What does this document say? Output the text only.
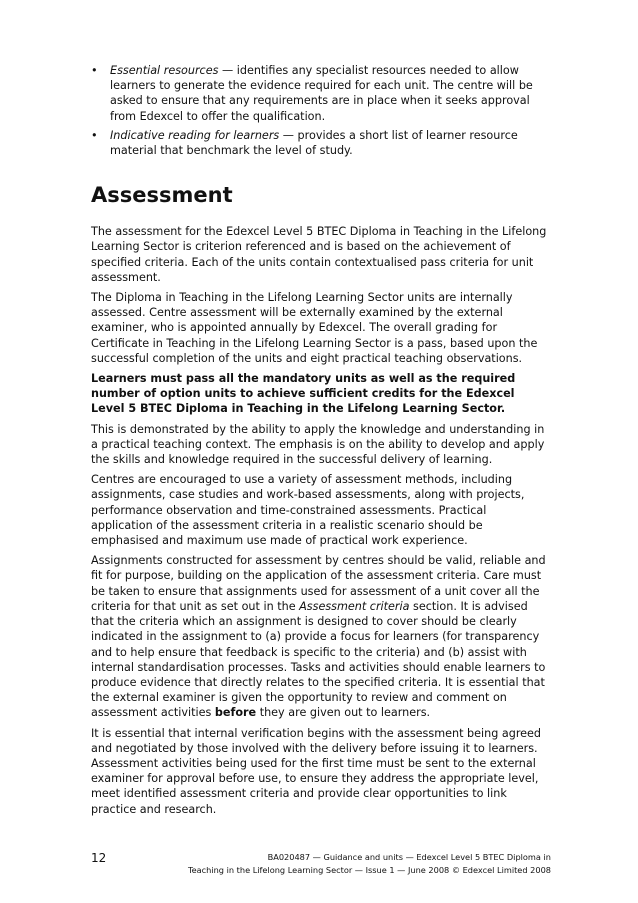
• Essential resources — identifies any specialist resources needed to allow learners to generate the evidence required for each unit. The centre will be asked to ensure that any requirements are in place when it seeks approval from Edexcel to offer the qualification.
• Indicative reading for learners — provides a short list of learner resource material that benchmark the level of study.
Assessment

The assessment for the Edexcel Level 5 BTEC Diploma in Teaching in the Lifelong Learning Sector is criterion referenced and is based on the achievement of specified criteria. Each of the units contain contextualised pass criteria for unit assessment.

The Diploma in Teaching in the Lifelong Learning Sector units are internally assessed. Centre assessment will be externally examined by the external examiner, who is appointed annually by Edexcel. The overall grading for Certificate in Teaching in the Lifelong Learning Sector is a pass, based upon the successful completion of the units and eight practical teaching observations.

Learners must pass all the mandatory units as well as the required number of option units to achieve sufficient credits for the Edexcel Level 5 BTEC Diploma in Teaching in the Lifelong Learning Sector.

This is demonstrated by the ability to apply the knowledge and understanding in a practical teaching context. The emphasis is on the ability to develop and apply the skills and knowledge required in the successful delivery of learning.

Centres are encouraged to use a variety of assessment methods, including assignments, case studies and work-based assessments, along with projects, performance observation and time-constrained assessments. Practical application of the assessment criteria in a realistic scenario should be emphasised and maximum use made of practical work experience.

Assignments constructed for assessment by centres should be valid, reliable and fit for purpose, building on the application of the assessment criteria. Care must be taken to ensure that assignments used for assessment of a unit cover all the criteria for that unit as set out in the Assessment criteria section. It is advised that the criteria which an assignment is designed to cover should be clearly indicated in the assignment to (a) provide a focus for learners (for transparency and to help ensure that feedback is specific to the criteria) and (b) assist with internal standardisation processes. Tasks and activities should enable learners to produce evidence that directly relates to the specified criteria. It is essential that the external examiner is given the opportunity to review and comment on assessment activities before they are given out to learners.

It is essential that internal verification begins with the assessment being agreed and negotiated by those involved with the delivery before issuing it to learners. Assessment activities being used for the first time must be sent to the external examiner for approval before use, to ensure they address the appropriate level, meet identified assessment criteria and provide clear opportunities to link practice and research.

12	BA020487 — Guidance and units — Edexcel Level 5 BTEC Diploma in
Teaching in the Lifelong Learning Sector — Issue 1 — June 2008 © Edexcel Limited 2008
